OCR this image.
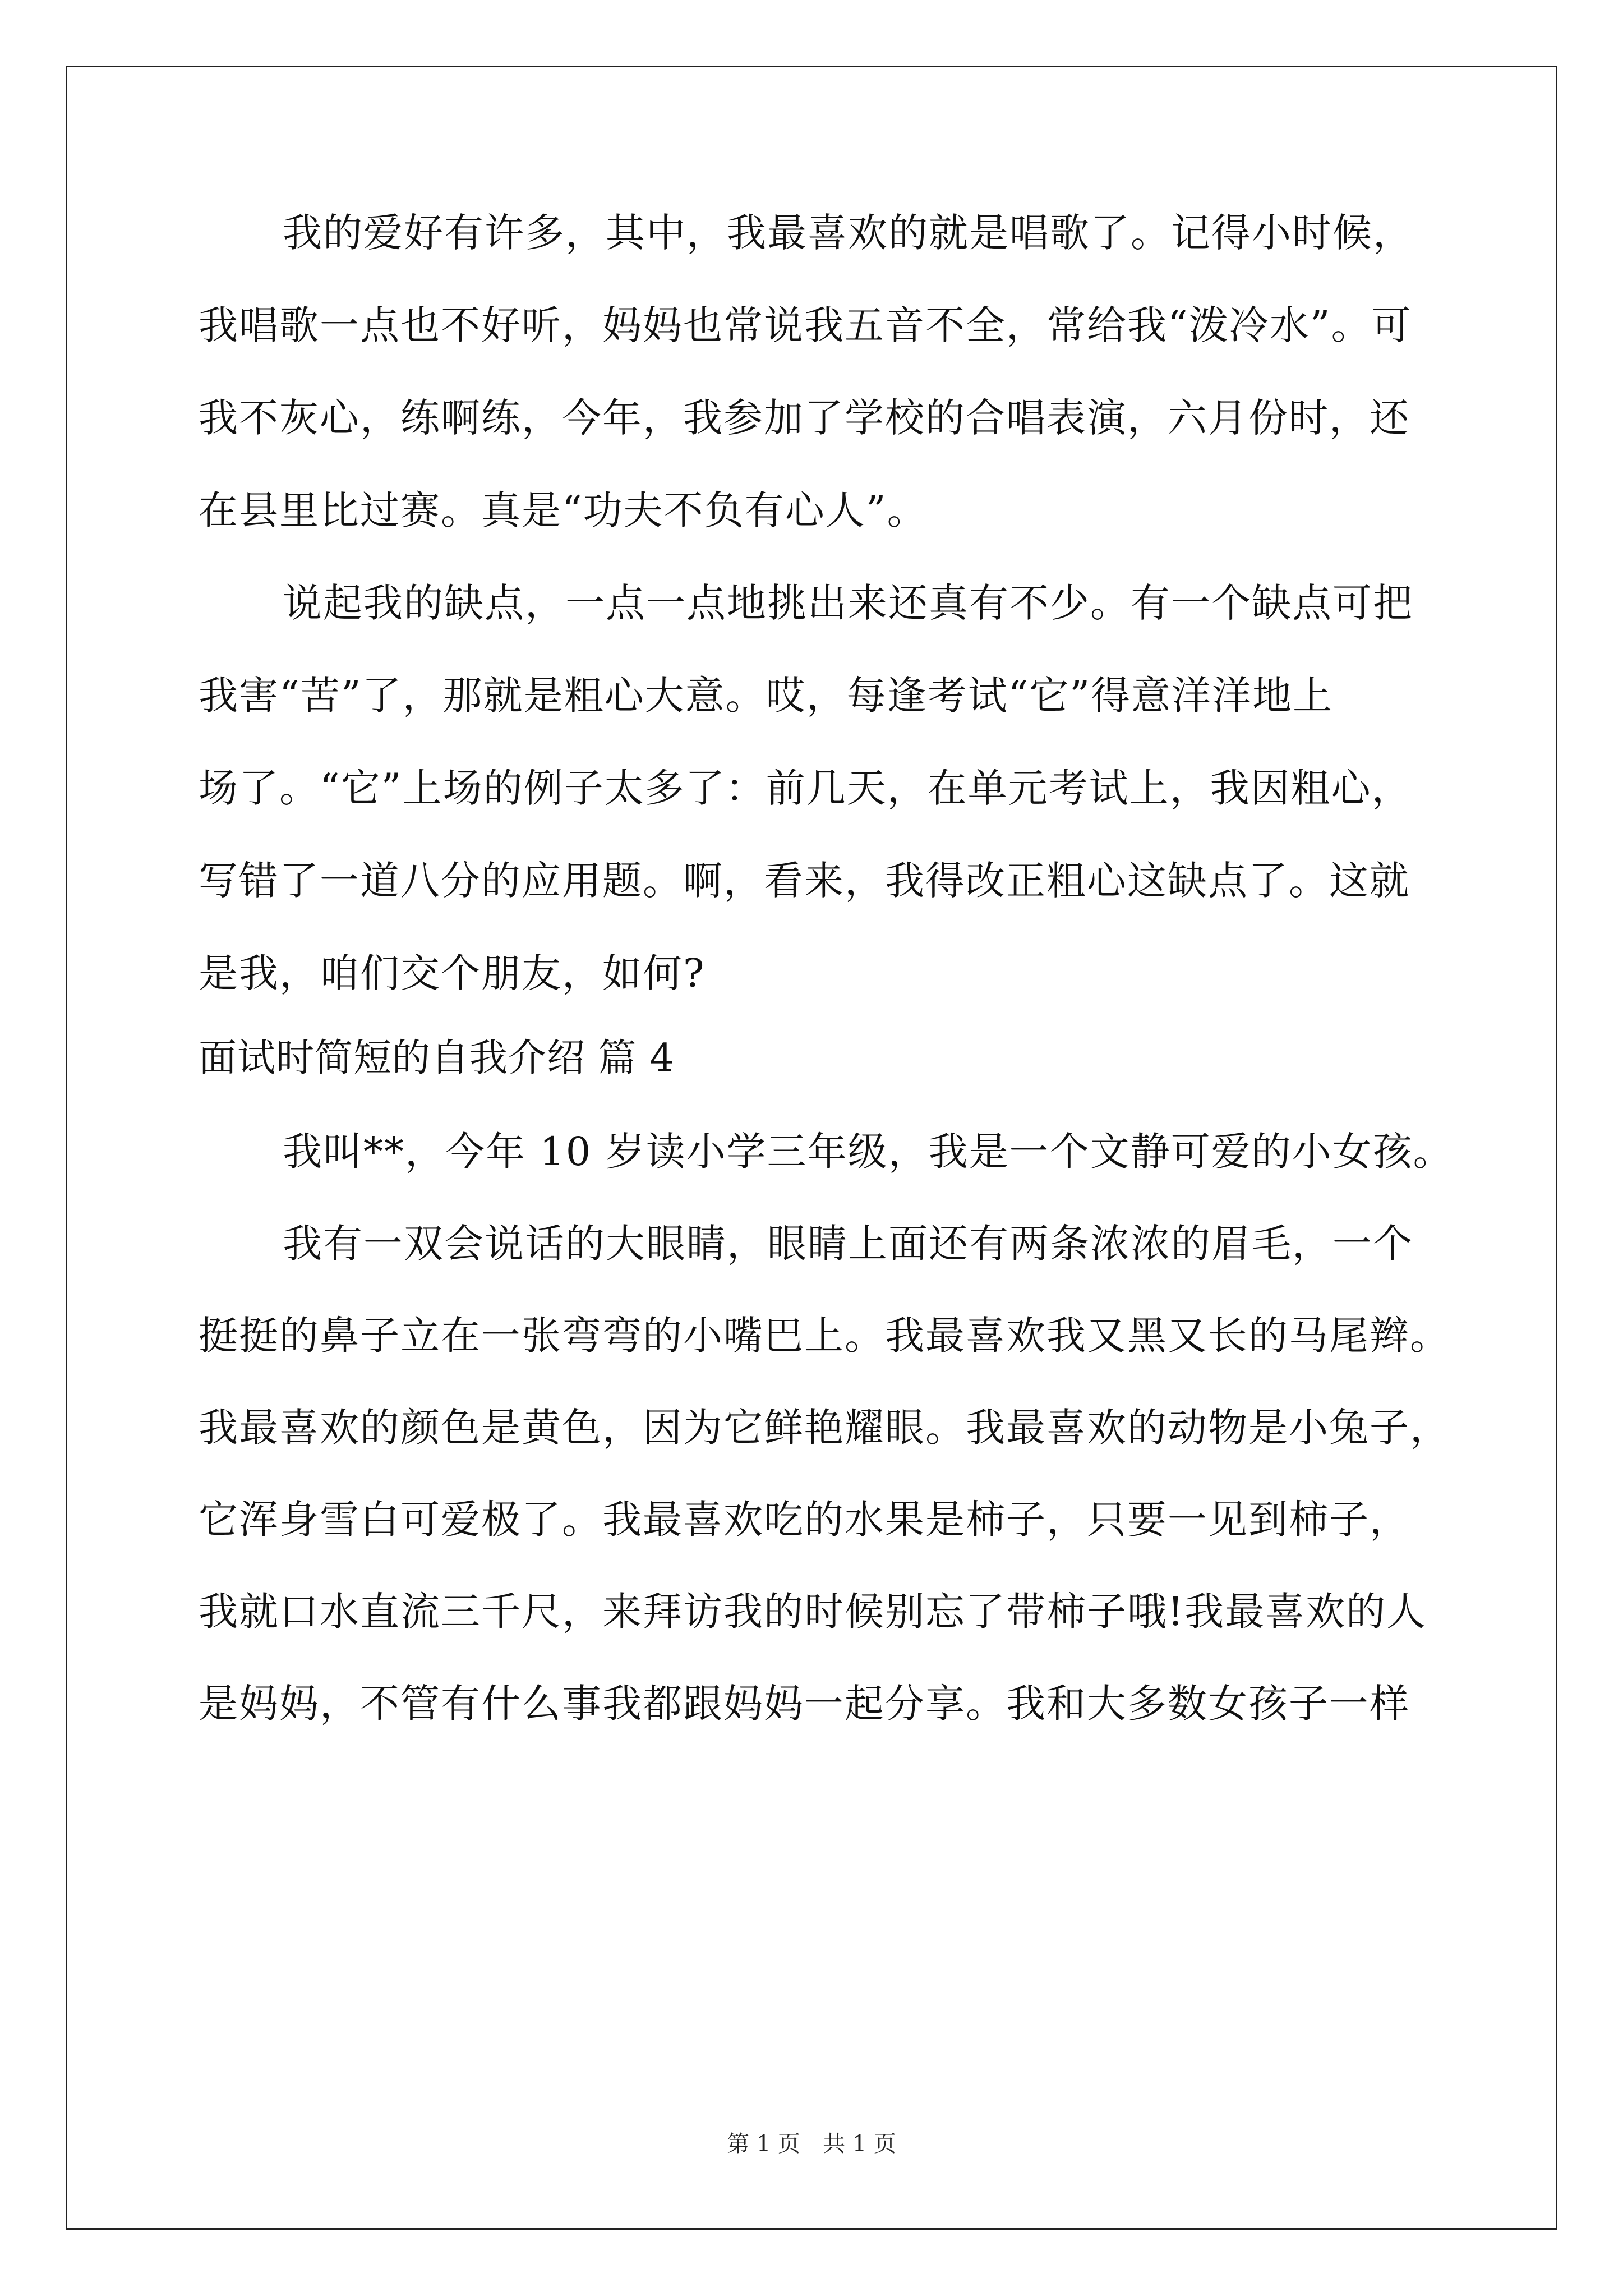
我的爱好有许多，其中，我最喜欢的就是唱歌了。记得小时候，
我唱歌一点也不好听，妈妈也常说我五音不全，常给我“泼冷水”。可
我不灰心，练啊练，今年，我参加了学校的合唱表演，六月份时，还
在县里比过赛。真是“功夫不负有心人”。
说起我的缺点，一点一点地挑出来还真有不少。有一个缺点可把
我害“苦”了，那就是粗心大意。哎，每逢考试“它”得意洋洋地上
场了。“它”上场的例子太多了：前几天，在单元考试上，我因粗心，
写错了一道八分的应用题。啊，看来，我得改正粗心这缺点了。这就
是我，咱们交个朋友，如何?
面试时简短的自我介绍 篇 4
我叫**，今年 10 岁读小学三年级，我是一个文静可爱的小女孩。
我有一双会说话的大眼睛，眼睛上面还有两条浓浓的眉毛，一个
挺挺的鼻子立在一张弯弯的小嘴巴上。我最喜欢我又黑又长的马尾辫。
我最喜欢的颜色是黄色，因为它鲜艳耀眼。我最喜欢的动物是小兔子，
它浑身雪白可爱极了。我最喜欢吃的水果是柿子，只要一见到柿子，
我就口水直流三千尺，来拜访我的时候别忘了带柿子哦!我最喜欢的人
是妈妈，不管有什么事我都跟妈妈一起分享。我和大多数女孩子一样
第 1 页　共 1 页
